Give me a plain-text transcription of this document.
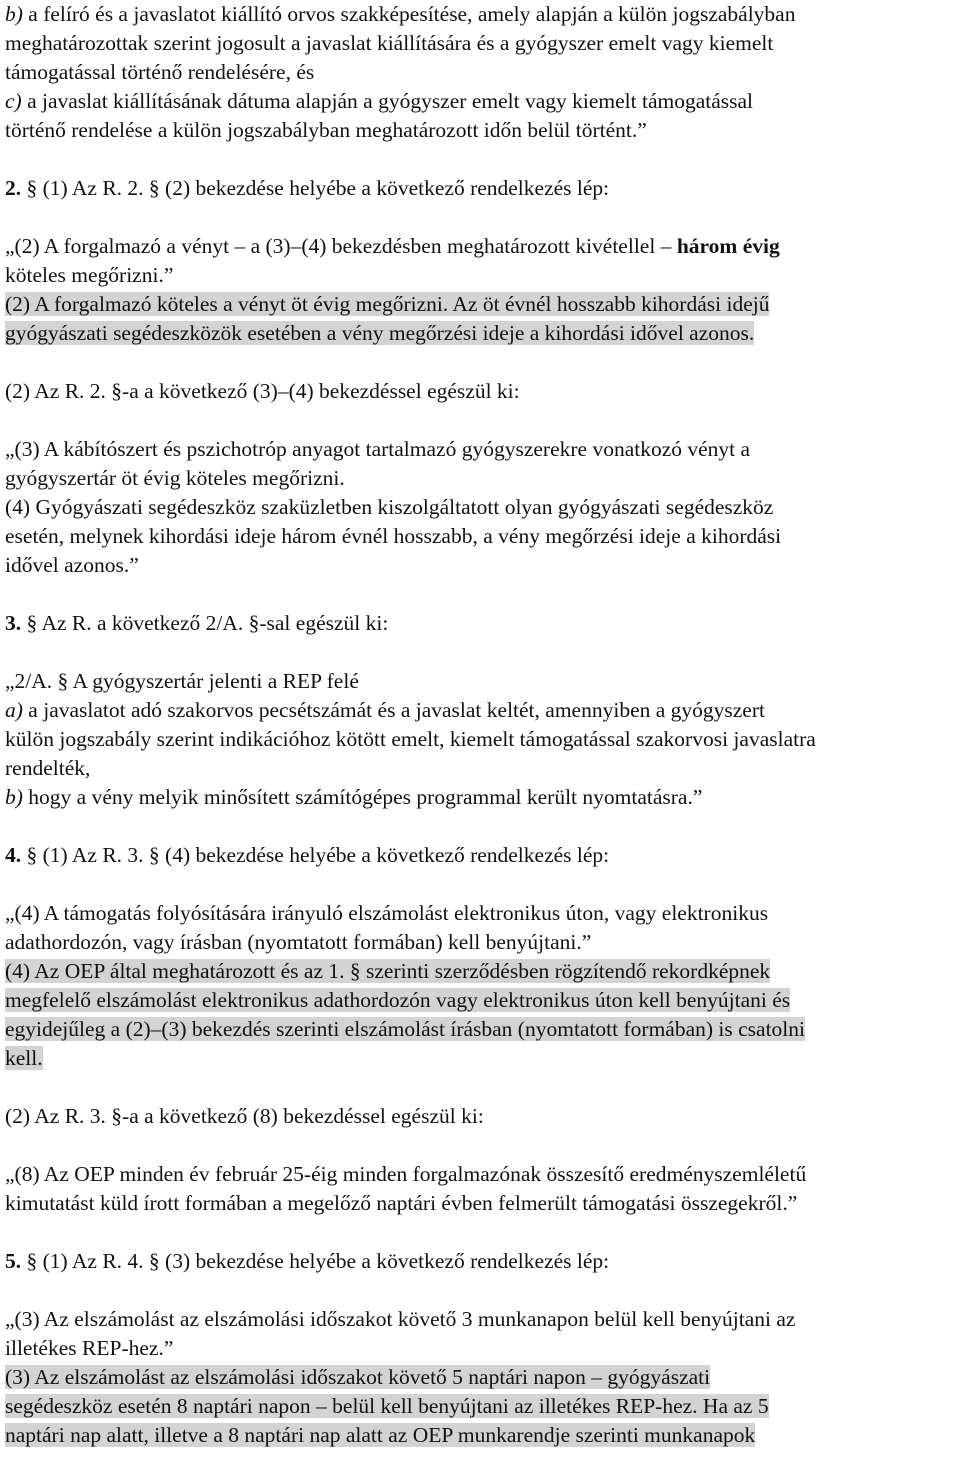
b) a felíró és a javaslatot kiállító orvos szakképesítése, amely alapján a külön jogszabályban
meghatározottak szerint jogosult a javaslat kiállítására és a gyógyszer emelt vagy kiemelt
támogatással történő rendelésére, és
c) a javaslat kiállításának dátuma alapján a gyógyszer emelt vagy kiemelt támogatással
történő rendelése a külön jogszabályban meghatározott időn belül történt.”
2. § (1) Az R. 2. § (2) bekezdése helyébe a következő rendelkezés lép:
„(2) A forgalmazó a vényt – a (3)–(4) bekezdésben meghatározott kivétellel – három évig
köteles megőrizni.”
(2) A forgalmazó köteles a vényt öt évig megőrizni. Az öt évnél hosszabb kihordási idejű
gyógyászati segédeszközök esetében a vény megőrzési ideje a kihordási idővel azonos.
(2) Az R. 2. §-a a következő (3)–(4) bekezdéssel egészül ki:
„(3) A kábítószert és pszichotróp anyagot tartalmazó gyógyszerekre vonatkozó vényt a
gyógyszertár öt évig köteles megőrizni.
(4) Gyógyászati segédeszköz szaküzletben kiszolgáltatott olyan gyógyászati segédeszköz
esetén, melynek kihordási ideje három évnél hosszabb, a vény megőrzési ideje a kihordási
idővel azonos.”
3. § Az R. a következő 2/A. §-sal egészül ki:
„2/A. § A gyógyszertár jelenti a REP felé
a) a javaslatot adó szakorvos pecsétszámát és a javaslat keltét, amennyiben a gyógyszert
külön jogszabály szerint indikációhoz kötött emelt, kiemelt támogatással szakorvosi javaslatra
rendelték,
b) hogy a vény melyik minősített számítógépes programmal került nyomtatásra.”
4. § (1) Az R. 3. § (4) bekezdése helyébe a következő rendelkezés lép:
„(4) A támogatás folyósítására irányuló elszámolást elektronikus úton, vagy elektronikus
adathordozón, vagy írásban (nyomtatott formában) kell benyújtani.”
(4) Az OEP által meghatározott és az 1. § szerinti szerződésben rögzítendő rekordképnek
megfelelő elszámolást elektronikus adathordozón vagy elektronikus úton kell benyújtani és
egyidejűleg a (2)–(3) bekezdés szerinti elszámolást írásban (nyomtatott formában) is csatolni
kell.
(2) Az R. 3. §-a a következő (8) bekezdéssel egészül ki:
„(8) Az OEP minden év február 25-éig minden forgalmazónak összesítő eredményszemléletű
kimutatást küld írott formában a megelőző naptári évben felmerült támogatási összegekről.”
5. § (1) Az R. 4. § (3) bekezdése helyébe a következő rendelkezés lép:
„(3) Az elszámolást az elszámolási időszakot követő 3 munkanapon belül kell benyújtani az
illetékes REP-hez.”
(3) Az elszámolást az elszámolási időszakot követő 5 naptári napon – gyógyászati
segédeszköz esetén 8 naptári napon – belül kell benyújtani az illetékes REP-hez. Ha az 5
naptári nap alatt, illetve a 8 naptári nap alatt az OEP munkarendje szerinti munkanapok
